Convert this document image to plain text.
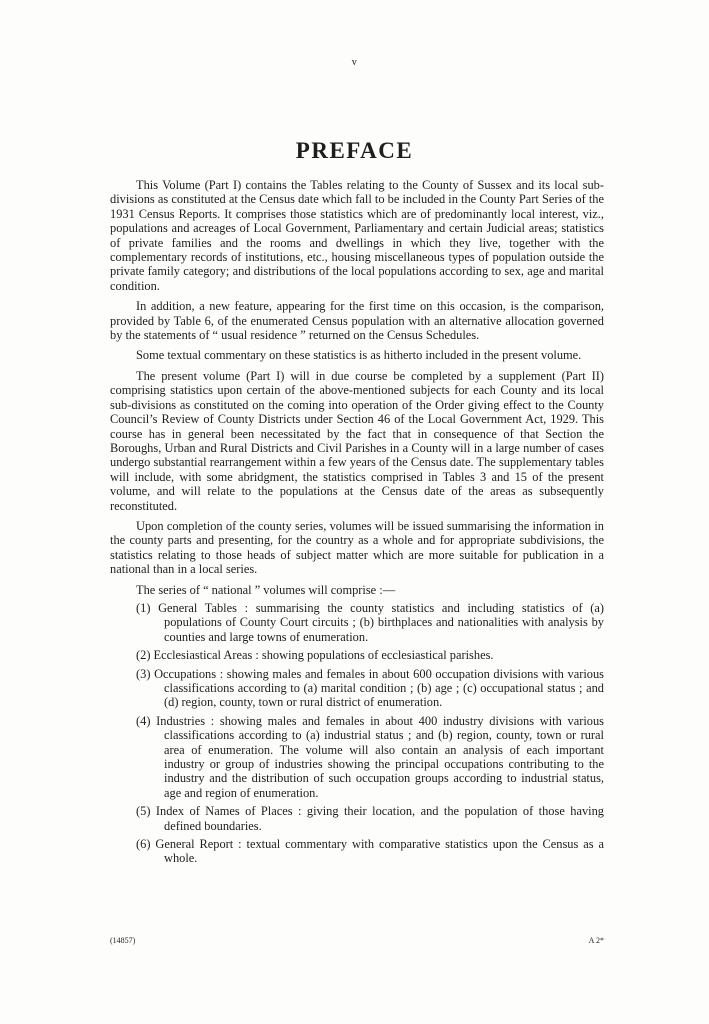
v
PREFACE

This Volume (Part I) contains the Tables relating to the County of Sussex and its local sub-divisions as constituted at the Census date which fall to be included in the County Part Series of the 1931 Census Reports. It comprises those statistics which are of predominantly local interest, viz., populations and acreages of Local Government, Parliamentary and certain Judicial areas; statistics of private families and the rooms and dwellings in which they live, together with the complementary records of institutions, etc., housing miscellaneous types of population outside the private family category; and distributions of the local populations according to sex, age and marital condition.

In addition, a new feature, appearing for the first time on this occasion, is the comparison, provided by Table 6, of the enumerated Census population with an alternative allocation governed by the statements of “ usual residence ” returned on the Census Schedules.

Some textual commentary on these statistics is as hitherto included in the present volume.

The present volume (Part I) will in due course be completed by a supplement (Part II) comprising statistics upon certain of the above-mentioned subjects for each County and its local sub-divisions as constituted on the coming into operation of the Order giving effect to the County Council’s Review of County Districts under Section 46 of the Local Government Act, 1929. This course has in general been necessitated by the fact that in consequence of that Section the Boroughs, Urban and Rural Districts and Civil Parishes in a County will in a large number of cases undergo substantial rearrangement within a few years of the Census date. The supplementary tables will include, with some abridgment, the statistics comprised in Tables 3 and 15 of the present volume, and will relate to the populations at the Census date of the areas as subsequently reconstituted.

Upon completion of the county series, volumes will be issued summarising the information in the county parts and presenting, for the country as a whole and for appropriate subdivisions, the statistics relating to those heads of subject matter which are more suitable for publication in a national than in a local series.

The series of “ national ” volumes will comprise :—
(1) General Tables : summarising the county statistics and including statistics of (a) populations of County Court circuits ; (b) birthplaces and nationalities with analysis by counties and large towns of enumeration.
(2) Ecclesiastical Areas : showing populations of ecclesiastical parishes.
(3) Occupations : showing males and females in about 600 occupation divisions with various classifications according to (a) marital condition ; (b) age ; (c) occupational status ; and (d) region, county, town or rural district of enumeration.
(4) Industries : showing males and females in about 400 industry divisions with various classifications according to (a) industrial status ; and (b) region, county, town or rural area of enumeration. The volume will also contain an analysis of each important industry or group of industries showing the principal occupations contributing to the industry and the distribution of such occupation groups according to industrial status, age and region of enumeration.
(5) Index of Names of Places : giving their location, and the population of those having defined boundaries.
(6) General Report : textual commentary with comparative statistics upon the Census as a whole.
(14857)	A 2*
